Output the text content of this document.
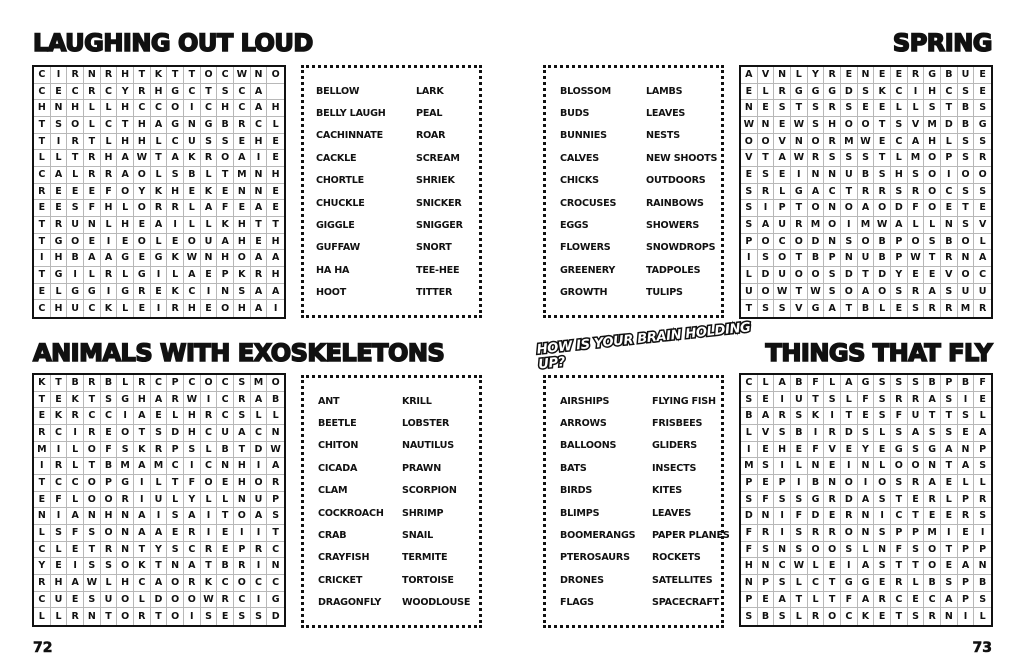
LAUGHING OUT LOUD	SPRING
ANIMALS WITH EXOSKELETONS	THINGS THAT FLY
C	I	R N R H T	K	T	T O C W N O
C	E	C	R	C	Y	R H G C	T	S	C	A
H N H	L	L	H C	C O	I	C H C	A	H
T	S O	L	C	T H A G N G B R	C	L
T	I	R	T	L	H H	L	C U S	S	E H	E
L	L	T	R H A W T	A K R O A	I	E
C	A	L	R R A O	L	S	B	L	T M N H
R	E	E	E	F O Y	K H E	K	E N N	E
E	E	S	F H	L	O R R	L	A	F	E	A	E
T	R U N	L	H E	A	I	L	L	K H T	T
T	G O E	I	E O	L	E O U A H E	H
I	H B A A G	E	G K W N H O A	A
T	G	I	L	R	L	G	I	L	A	E	P K R	H
E	L	G G	I	G R	E	K C	I	N S	A	A
C H U C K	L	E	I	R H E O H A	I
A V N	L	Y	R	E N E	E	R G B U	E
E	L	R G G G D S	K C	I	H C	S	E
N E	S	T	S	R	S	E	E	L	L	S	T	B	S
W N E W S H O O T	S	V M D B	G
O O V N O R M W E	C	A H	L	S	S
V	T	A W R	S	S	S	T	L M O P	S	R
E	S	E	I	N N U B	S H S O	I	O O
S	R	L	G A C	T	R R	S	R O C	S	S
S	I	P	T O N O A O D F O E	T	E
S	A U R M O	I	M W A	L	L	N S	V
P O C O D N S O B	P O S	B O	L
I	S O T	B	P N U B	P W T	R N	A
L	D U O O S D T D Y	E	E	V O	C
U O W T W S O A O S	R A	S U U
T	S	S	V G A	T	B	L	E	S	R R M R
K	T	B R B	L	R	C	P	C O C	S M O
T	E	K	T	S G H A R W	I	C	R A	B
E	K R	C	C	I	A	E	L	H R	C	S	L	L
R	C	I	R	E O T	S D H C U A	C	N
M	I	L	O F	S	K R	P	S	L	B	T D W
I	R	L	T	B M A M C	I	C N H	I	A
T	C	C O P G	I	L	T	F O E H O R
E	F	L	O O R	I	U	L	Y	L	L	N U	P
N	I	A N H N A	I	S	A	I	T O A	S
L	S	F	S O N A A	E	R	I	E	I	I	T
C	L	E	T	R N T	Y	S	C	R	E	P	R	C
Y	E	I	S	S O K	T N A	T	B R	I	N
R H A W L	H C	A O R K C O C	C
C U	E	S U O	L	D O O W R	C	I	G
L	L	R N T O R	T O	I	S	E	S	S	D
C	L	A B	F	L	A G S	S	S	B	P	B	F
S	E	I	U	T	S	L	F	S	R R A	S	I	E
B A R	S	K	I	T	E	S	F	U	T	T	S	L
L	V	S	B	I	R D S	L	S	A	S	S	E	A
I	E H E	F	V	E	Y	E	G S G A N	P
M S	I	L	N E	I	N	L	O O N T	A	S
P	E	P	I	B N O	I	O S	R A	E	L	L
S	F	S	S G R D A	S	T	E	R	L	P	R
D N	I	F D E	R N	I	C	T	E	E	R	S
F	R	I	S	R R O N S	P	P M	I	E	I
F	S N S O O S	L	N F	S O T	P	P
H N C W L	E	I	A	S	T	T O E	A	N
N P	S	L	C	T	G G	E	R	L	B	S	P	B
P	E	A	T	L	T	F	A R	C	E	C	A	P	S
S	B	S	L	R O C K	E	T	S	R N	I	L
BELLOW
BELLY LAUGH
CACHINNATE
CACKLE
CHORTLE
CHUCKLE
GIGGLE
GUFFAW
HA HA
HOOT
LARK
PEAL
ROAR
SCREAM
SHRIEK
SNICKER
SNIGGER
SNORT
TEE-HEE
TITTER
BLOSSOM
BUDS
BUNNIES
CALVES
CHICKS
CROCUSES
EGGS
FLOWERS
GREENERY
GROWTH
LAMBS
LEAVES
NESTS
NEW SHOOTS
OUTDOORS
RAINBOWS
SHOWERS
SNOWDROPS
TADPOLES
TULIPS
ANT
BEETLE
CHITON
CICADA
CLAM
COCKROACH
CRAB
CRAYFISH
CRICKET
DRAGONFLY
KRILL
LOBSTER
NAUTILUS
PRAWN
SCORPION
SHRIMP
SNAIL
TERMITE
TORTOISE
WOODLOUSE
AIRSHIPS
ARROWS
BALLOONS
BATS
BIRDS
BLIMPS
BOOMERANGS
PTEROSAURS
DRONES
FLAGS
FLYING FISH
FRISBEES
GLIDERS
INSECTS
KITES
LEAVES
PAPER PLANES
ROCKETS
SATELLITES
SPACECRAFT
HOW IS YOUR BRAIN HOLDING UP?
72	73
